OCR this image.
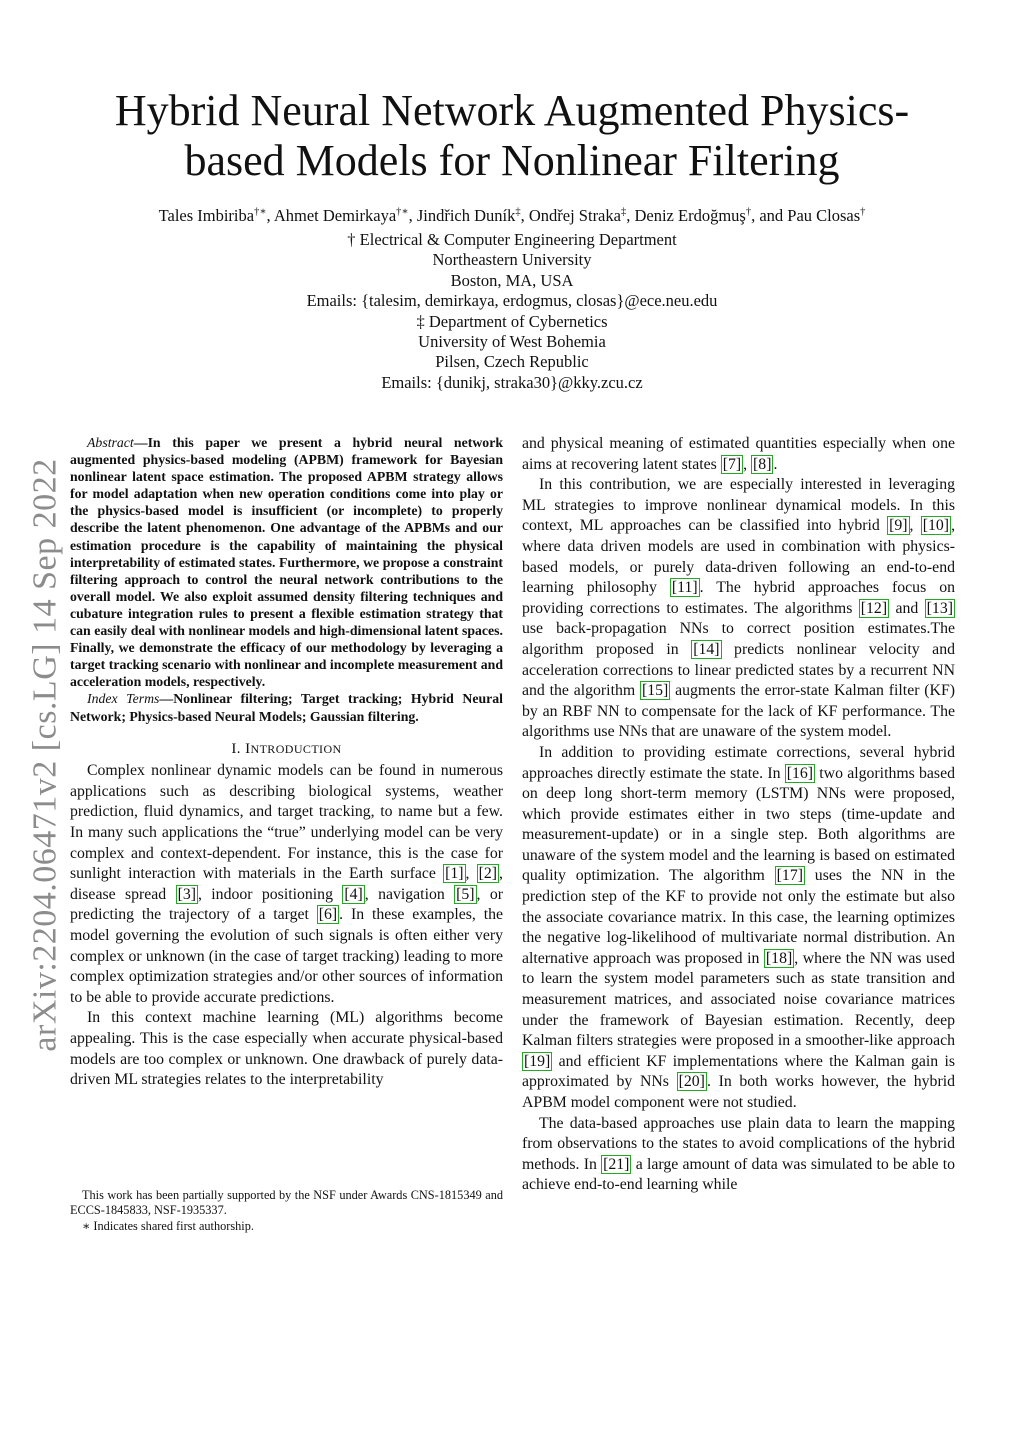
arXiv:2204.06471v2 [cs.LG] 14 Sep 2022
Hybrid Neural Network Augmented Physics-based Models for Nonlinear Filtering
Tales Imbiriba†∗, Ahmet Demirkaya†∗, Jindřich Duník‡, Ondřej Straka‡, Deniz Erdoğmuş†, and Pau Closas†
† Electrical & Computer Engineering Department
Northeastern University
Boston, MA, USA
Emails: {talesim, demirkaya, erdogmus, closas}@ece.neu.edu
‡ Department of Cybernetics
University of West Bohemia
Pilsen, Czech Republic
Emails: {dunikj, straka30}@kky.zcu.cz

Abstract—In this paper we present a hybrid neural network augmented physics-based modeling (APBM) framework for Bayesian nonlinear latent space estimation. The proposed APBM strategy allows for model adaptation when new operation conditions come into play or the physics-based model is insufficient (or incomplete) to properly describe the latent phenomenon. One advantage of the APBMs and our estimation procedure is the capability of maintaining the physical interpretability of estimated states. Furthermore, we propose a constraint filtering approach to control the neural network contributions to the overall model. We also exploit assumed density filtering techniques and cubature integration rules to present a flexible estimation strategy that can easily deal with nonlinear models and high-dimensional latent spaces. Finally, we demonstrate the efficacy of our methodology by leveraging a target tracking scenario with nonlinear and incomplete measurement and acceleration models, respectively.

Index Terms—Nonlinear filtering; Target tracking; Hybrid Neural Network; Physics-based Neural Models; Gaussian filtering.

I. INTRODUCTION

Complex nonlinear dynamic models can be found in numerous applications such as describing biological systems, weather prediction, fluid dynamics, and target tracking, to name but a few. In many such applications the “true” underlying model can be very complex and context-dependent. For instance, this is the case for sunlight interaction with materials in the Earth surface [1] , [2] , disease spread [3] , indoor positioning [4] , navigation [5] , or predicting the trajectory of a target [6] . In these examples, the model governing the evolution of such signals is often either very complex or unknown (in the case of target tracking) leading to more complex optimization strategies and/or other sources of information to be able to provide accurate predictions.

In this context machine learning (ML) algorithms become appealing. This is the case especially when accurate physical-based models are too complex or unknown. One drawback of purely data-driven ML strategies relates to the interpretability

and physical meaning of estimated quantities especially when one aims at recovering latent states [7] , [8] .

In this contribution, we are especially interested in leveraging ML strategies to improve nonlinear dynamical models. In this context, ML approaches can be classified into hybrid [9] , [10] , where data driven models are used in combination with physics-based models, or purely data-driven following an end-to-end learning philosophy [11] . The hybrid approaches focus on providing corrections to estimates. The algorithms [12] and [13] use back-propagation NNs to correct position estimates.The algorithm proposed in [14] predicts nonlinear velocity and acceleration corrections to linear predicted states by a recurrent NN and the algorithm [15] augments the error-state Kalman filter (KF) by an RBF NN to compensate for the lack of KF performance. The algorithms use NNs that are unaware of the system model.

In addition to providing estimate corrections, several hybrid approaches directly estimate the state. In [16] two algorithms based on deep long short-term memory (LSTM) NNs were proposed, which provide estimates either in two steps (time-update and measurement-update) or in a single step. Both algorithms are unaware of the system model and the learning is based on estimated quality optimization. The algorithm [17] uses the NN in the prediction step of the KF to provide not only the estimate but also the associate covariance matrix. In this case, the learning optimizes the negative log-likelihood of multivariate normal distribution. An alternative approach was proposed in [18] , where the NN was used to learn the system model parameters such as state transition and measurement matrices, and associated noise covariance matrices under the framework of Bayesian estimation. Recently, deep Kalman filters strategies were proposed in a smoother-like approach [19] and efficient KF implementations where the Kalman gain is approximated by NNs [20] . In both works however, the hybrid APBM model component were not studied.

The data-based approaches use plain data to learn the mapping from observations to the states to avoid complications of the hybrid methods. In [21] a large amount of data was simulated to be able to achieve end-to-end learning while

This work has been partially supported by the NSF under Awards CNS-1815349 and ECCS-1845833, NSF-1935337.

∗ Indicates shared first authorship.
